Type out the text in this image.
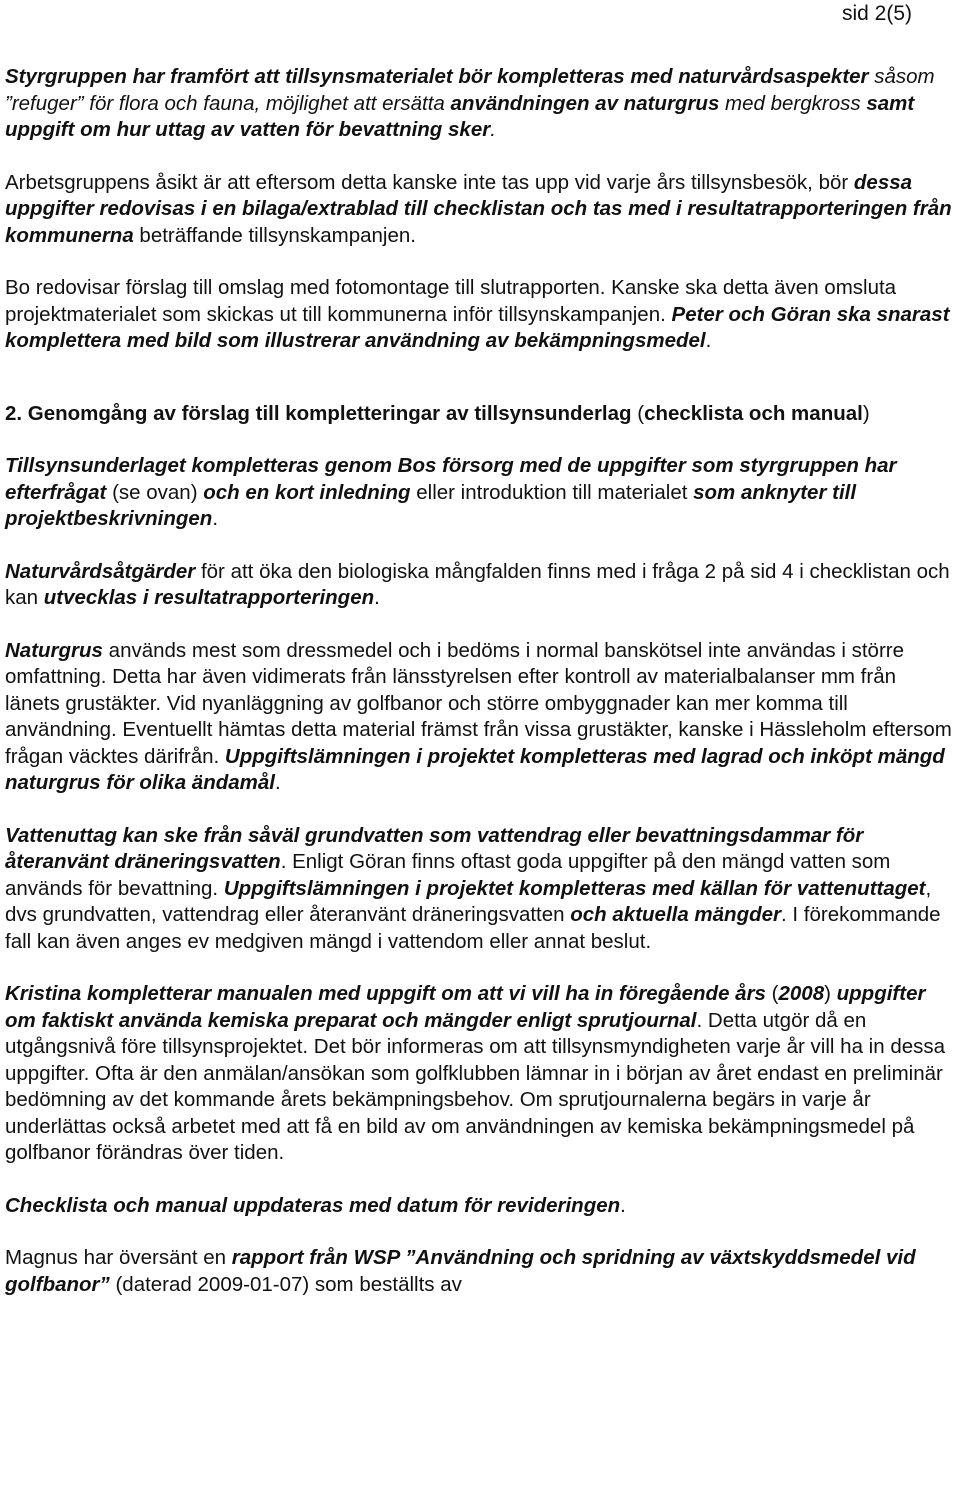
sid 2(5)

Styrgruppen har framfört att tillsynsmaterialet bör kompletteras med naturvårdsaspekter såsom ”refuger” för flora och fauna, möjlighet att ersätta användningen av naturgrus med bergkross samt uppgift om hur uttag av vatten för bevattning sker.

Arbetsgruppens åsikt är att eftersom detta kanske inte tas upp vid varje års tillsynsbesök, bör dessa uppgifter redovisas i en bilaga/extrablad till checklistan och tas med i resultatrapporteringen från kommunerna beträffande tillsynskampanjen.

Bo redovisar förslag till omslag med fotomontage till slutrapporten. Kanske ska detta även omsluta projektmaterialet som skickas ut till kommunerna inför tillsynskampanjen. Peter och Göran ska snarast komplettera med bild som illustrerar användning av bekämpningsmedel.

2. Genomgång av förslag till kompletteringar av tillsynsunderlag (checklista och manual)

Tillsynsunderlaget kompletteras genom Bos försorg med de uppgifter som styrgruppen har efterfrågat (se ovan) och en kort inledning eller introduktion till materialet som anknyter till projektbeskrivningen.

Naturvårdsåtgärder för att öka den biologiska mångfalden finns med i fråga 2 på sid 4 i checklistan och kan utvecklas i resultatrapporteringen.

Naturgrus används mest som dressmedel och i bedöms i normal banskötsel inte användas i större omfattning. Detta har även vidimerats från länsstyrelsen efter kontroll av materialbalanser mm från länets grustäkter. Vid nyanläggning av golfbanor och större ombyggnader kan mer komma till användning. Eventuellt hämtas detta material främst från vissa grustäkter, kanske i Hässleholm eftersom frågan väcktes därifrån. Uppgiftslämningen i projektet kompletteras med lagrad och inköpt mängd naturgrus för olika ändamål.

Vattenuttag kan ske från såväl grundvatten som vattendrag eller bevattningsdammar för återanvänt dräneringsvatten. Enligt Göran finns oftast goda uppgifter på den mängd vatten som används för bevattning. Uppgiftslämningen i projektet kompletteras med källan för vattenuttaget, dvs grundvatten, vattendrag eller återanvänt dräneringsvatten och aktuella mängder. I förekommande fall kan även anges ev medgiven mängd i vattendom eller annat beslut.

Kristina kompletterar manualen med uppgift om att vi vill ha in föregående års (2008) uppgifter om faktiskt använda kemiska preparat och mängder enligt sprutjournal. Detta utgör då en utgångsnivå före tillsynsprojektet. Det bör informeras om att tillsynsmyndigheten varje år vill ha in dessa uppgifter. Ofta är den anmälan/ansökan som golfklubben lämnar in i början av året endast en preliminär bedömning av det kommande årets bekämpningsbehov. Om sprutjournalerna begärs in varje år underlättas också arbetet med att få en bild av om användningen av kemiska bekämpningsmedel på golfbanor förändras över tiden.

Checklista och manual uppdateras med datum för revideringen.

Magnus har översänt en rapport från WSP ”Användning och spridning av växtskyddsmedel vid golfbanor” (daterad 2009-01-07) som beställts av
